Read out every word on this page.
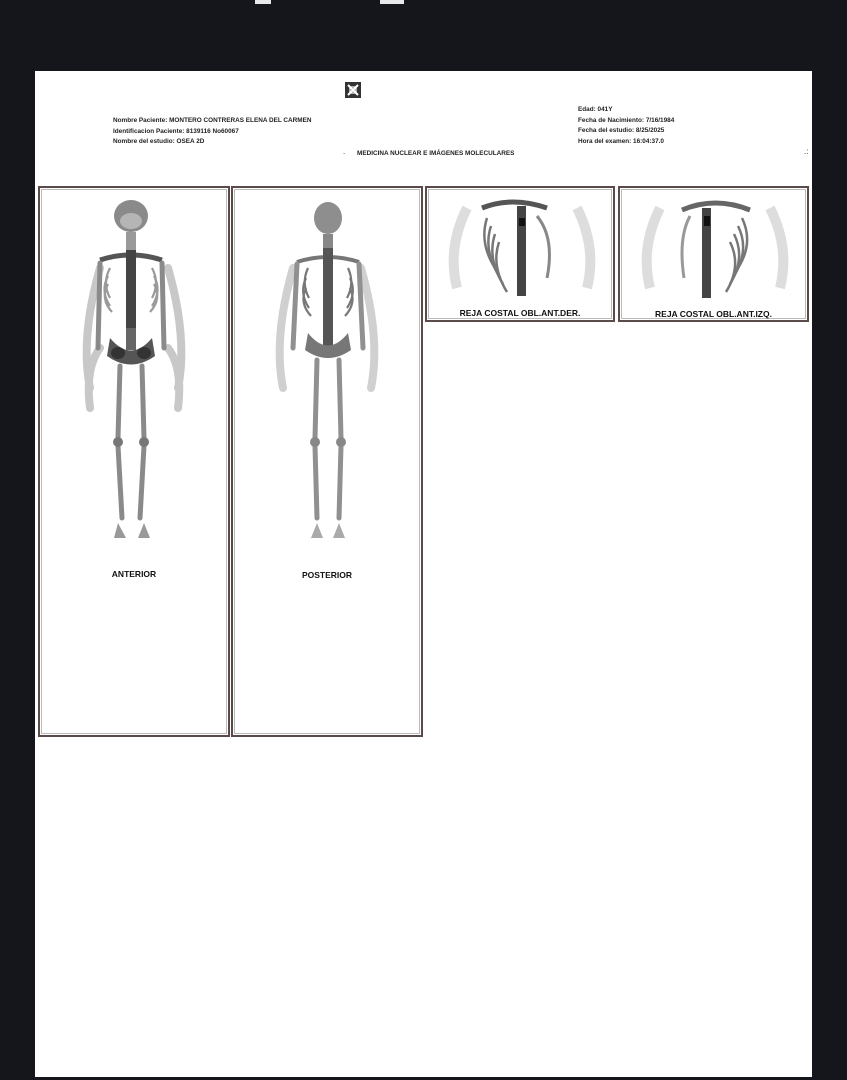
Nombre Paciente: MONTERO CONTRERAS ELENA DEL CARMEN
Identificacion Paciente: 8139116 No60067
Nombre del estudio: OSEA 2D
Edad: 041Y
Fecha de Nacimiento: 7/16/1984
Fecha del estudio: 8/25/2025
Hora del examen: 16:04:37.0
. MEDICINA NUCLEAR E IMÁGENES MOLECULARES	.:
ANTERIOR	POSTERIOR
REJA COSTAL OBL.ANT.DER.	REJA COSTAL OBL.ANT.IZQ.
